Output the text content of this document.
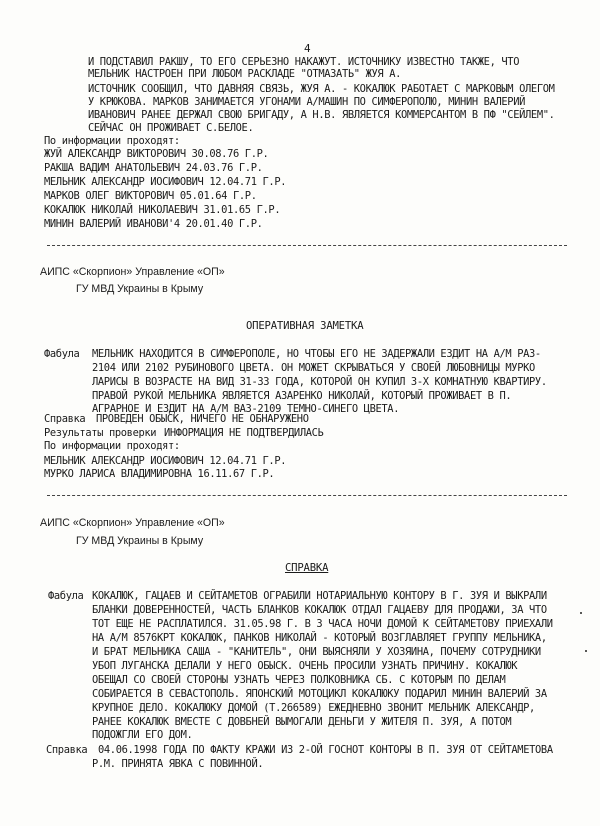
4
И ПОДСТАВИЛ РАКШУ, ТО ЕГО СЕРЬЕЗНО НАКАЖУТ. ИСТОЧНИКУ ИЗВЕСТНО ТАКЖЕ, ЧТО
МЕЛЬНИК НАСТРОЕН ПРИ ЛЮБОМ РАСКЛАДЕ "ОТМАЗАТЬ" ЖУЯ А.
ИСТОЧНИК СООБЩИЛ, ЧТО ДАВНЯЯ СВЯЗЬ, ЖУЯ А. - КОКАЛЮК РАБОТАЕТ С МАРКОВЫМ ОЛЕГОМ
У КРЮКОВА. МАРКОВ ЗАНИМАЕТСЯ УГОНАМИ А/МАШИН ПО СИМФЕРОПОЛЮ, МИНИН ВАЛЕРИЙ
ИВАНОВИЧ РАНЕЕ ДЕРЖАЛ СВОЮ БРИГАДУ, А Н.В. ЯВЛЯЕТСЯ КОММЕРСАНТОМ В ПФ "СЕЙЛЕМ".
СЕЙЧАС ОН ПРОЖИВАЕТ С.БЕЛОЕ.
По информации проходят:
ЖУЙ АЛЕКСАНДР ВИКТОРОВИЧ 30.08.76 Г.Р.
РАКША ВАДИМ АНАТОЛЬЕВИЧ 24.03.76 Г.Р.
МЕЛЬНИК АЛЕКСАНДР ИОСИФОВИЧ 12.04.71 Г.Р.
МАРКОВ ОЛЕГ ВИКТОРОВИЧ 05.01.64 Г.Р.
КОКАЛЮК НИКОЛАЙ НИКОЛАЕВИЧ 31.01.65 Г.Р.
МИНИН ВАЛЕРИЙ ИВАНОВИ'4 20.01.40 Г.Р.
АИПС «Скорпион» Управление «ОП»
ГУ МВД Украины в Крыму
ОПЕРАТИВНАЯ ЗАМЕТКА
Фабула МЕЛЬНИК НАХОДИТСЯ В СИМФЕРОПОЛЕ, НО ЧТОБЫ ЕГО НЕ ЗАДЕРЖАЛИ ЕЗДИТ НА А/М РАЗ-
2104 ИЛИ 2102 РУБИНОВОГО ЦВЕТА. ОН МОЖЕТ СКРЫВАТЬСЯ У СВОЕЙ ЛЮБОВНИЦЫ МУРКО
ЛАРИСЫ В ВОЗРАСТЕ НА ВИД 31-33 ГОДА, КОТОРОЙ ОН КУПИЛ 3-Х КОМНАТНУЮ КВАРТИРУ.
ПРАВОЙ РУКОЙ МЕЛЬНИКА ЯВЛЯЕТСЯ АЗАРЕНКО НИКОЛАЙ, КОТОРЫЙ ПРОЖИВАЕТ В П.
АГРАРНОЕ И ЕЗДИТ НА А/М ВАЗ-2109 ТЕМНО-СИНЕГО ЦВЕТА.
Справка ПРОВЕДЕН ОБЫСК, НИЧЕГО НЕ ОБНАРУЖЕНО
Результаты проверки ИНФОРМАЦИЯ НЕ ПОДТВЕРДИЛАСЬ
По информации проходят:
МЕЛЬНИК АЛЕКСАНДР ИОСИФОВИЧ 12.04.71 Г.Р.
МУРКО ЛАРИСА ВЛАДИМИРОВНА 16.11.67 Г.Р.
АИПС «Скорпион» Управление «ОП»
ГУ МВД Украины в Крыму
СПРАВКА
Фабула КОКАЛЮК, ГАЦАЕВ И СЕЙТАМЕТОВ ОГРАБИЛИ НОТАРИАЛЬНУЮ КОНТОРУ В Г. ЗУЯ И ВЫКРАЛИ
БЛАНКИ ДОВЕРЕННОСТЕЙ, ЧАСТЬ БЛАНКОВ КОКАЛЮК ОТДАЛ ГАЦАЕВУ ДЛЯ ПРОДАЖИ, ЗА ЧТО
ТОТ ЕЩЕ НЕ РАСПЛАТИЛСЯ. 31.05.98 Г. В 3 ЧАСА НОЧИ ДОМОЙ К СЕЙТАМЕТОВУ ПРИЕХАЛИ
НА А/М 8576КРТ КОКАЛЮК, ПАНКОВ НИКОЛАЙ - КОТОРЫЙ ВОЗГЛАВЛЯЕТ ГРУППУ МЕЛЬНИКА,
И БРАТ МЕЛЬНИКА САША - "КАНИТЕЛЬ", ОНИ ВЫЯСНЯЛИ У ХОЗЯИНА, ПОЧЕМУ СОТРУДНИКИ
УБОП ЛУГАНСКА ДЕЛАЛИ У НЕГО ОБЫСК. ОЧЕНЬ ПРОСИЛИ УЗНАТЬ ПРИЧИНУ. КОКАЛЮК
ОБЕЩАЛ СО СВОЕЙ СТОРОНЫ УЗНАТЬ ЧЕРЕЗ ПОЛКОВНИКА СБ. С КОТОРЫМ ПО ДЕЛАМ
СОБИРАЕТСЯ В СЕВАСТОПОЛЬ. ЯПОНСКИЙ МОТОЦИКЛ КОКАЛЮКУ ПОДАРИЛ МИНИН ВАЛЕРИЙ ЗА
КРУПНОЕ ДЕЛО. КОКАЛЮКУ ДОМОЙ (Т.266589) ЕЖЕДНЕВНО ЗВОНИТ МЕЛЬНИК АЛЕКСАНДР,
РАНЕЕ КОКАЛЮК ВМЕСТЕ С ДОВБНЕЙ ВЫМОГАЛИ ДЕНЬГИ У ЖИТЕЛЯ П. ЗУЯ, А ПОТОМ
ПОДОЖГЛИ ЕГО ДОМ.
Справка 04.06.1998 ГОДА ПО ФАКТУ КРАЖИ ИЗ 2-ОЙ ГОСНОТ КОНТОРЫ В П. ЗУЯ ОТ СЕЙТАМЕТОВА
Р.М. ПРИНЯТА ЯВКА С ПОВИННОЙ.
